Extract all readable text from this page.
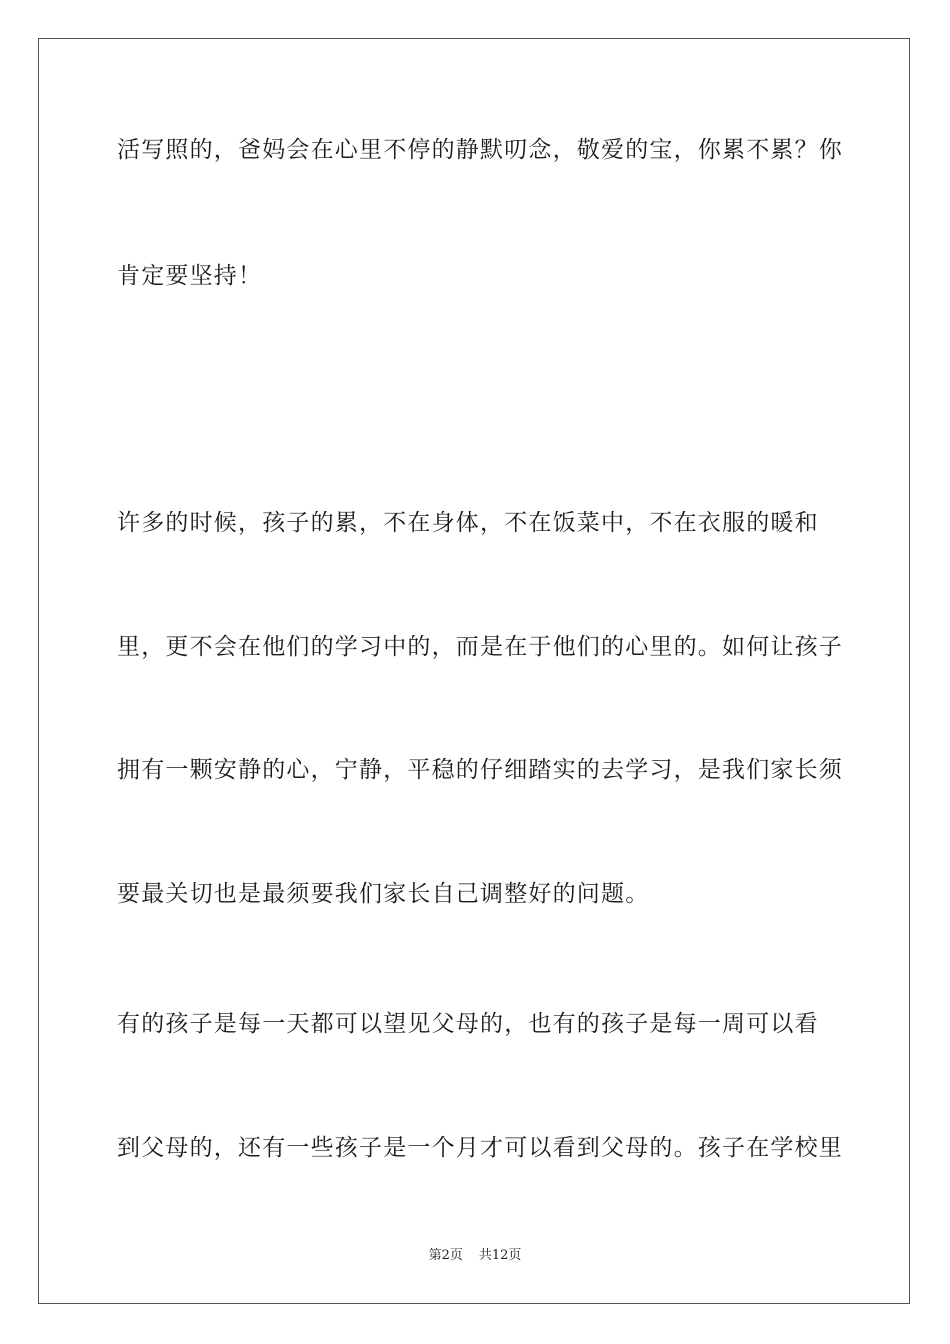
活写照的，爸妈会在心里不停的静默叨念，敬爱的宝，你累不累？你
肯定要坚持！
许多的时候，孩子的累，不在身体，不在饭菜中，不在衣服的暖和
里，更不会在他们的学习中的，而是在于他们的心里的。如何让孩子
拥有一颗安静的心，宁静，平稳的仔细踏实的去学习，是我们家长须
要最关切也是最须要我们家长自己调整好的问题。
有的孩子是每一天都可以望见父母的，也有的孩子是每一周可以看
到父母的，还有一些孩子是一个月才可以看到父母的。孩子在学校里
第2页 共12页
